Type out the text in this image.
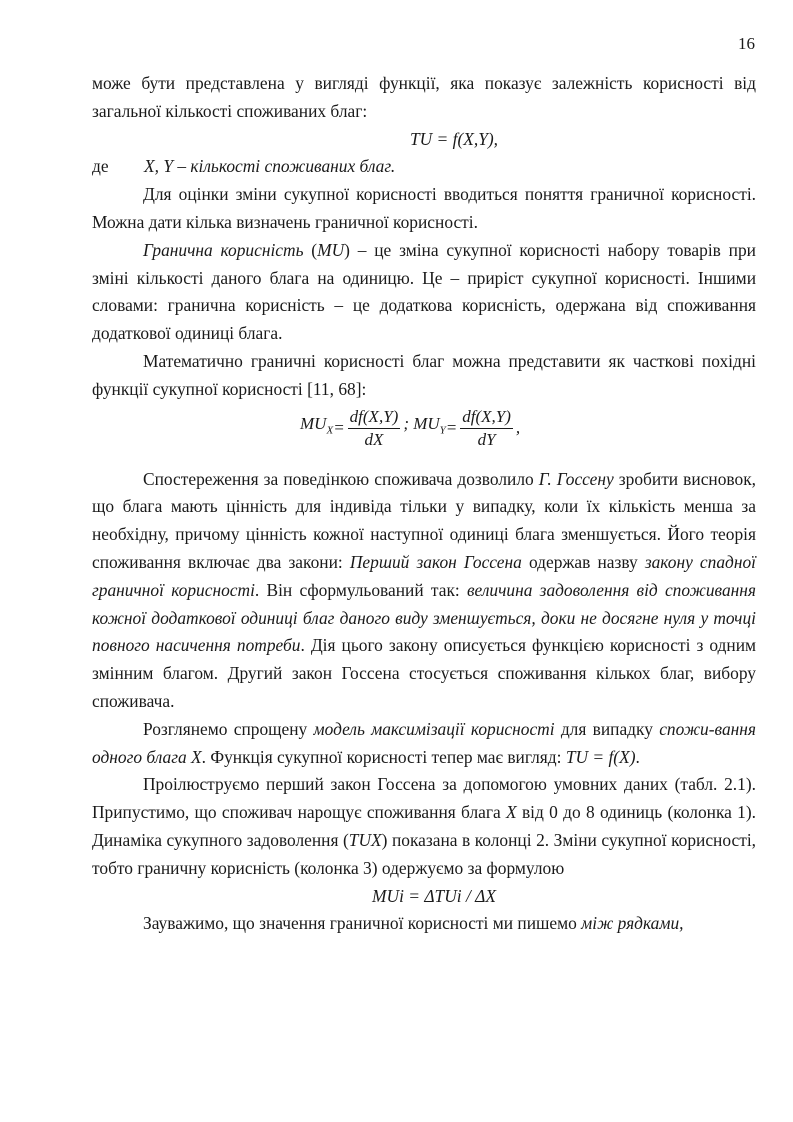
16

може бути представлена у вигляді функції, яка показує залежність корисності від загальної кількості споживаних благ:

TU = f(X,Y),

де	X, Y – кількості споживаних благ.

Для оцінки зміни сукупної корисності вводиться поняття граничної корисності. Можна дати кілька визначень граничної корисності.

Гранична корисність (MU) – це зміна сукупної корисності набору товарів при зміні кількості даного блага на одиницю. Це – приріст сукупної корисності. Іншими словами: гранична корисність – це додаткова корисність, одержана від споживання додаткової одиниці блага.

Математично граничні корисності благ можна представити як часткові похідні функції сукупної корисності [11, 68]:

$MU_X = \frac{df(X,Y)}{dX}$ ; $MU_Y = \frac{df(X,Y)}{dY}$ ,

Спостереження за поведінкою споживача дозволило Г. Госсену зробити висновок, що блага мають цінність для індивіда тільки у випадку, коли їх кількість менша за необхідну, причому цінність кожної наступної одиниці блага зменшується. Його теорія споживання включає два закони: Перший закон Госсена одержав назву закону спадної граничної корисності. Він сформульований так: величина задоволення від споживання кожної додаткової одиниці благ даного виду зменшується, доки не досягне нуля у точці повного насичення потреби. Дія цього закону описується функцією корисності з одним змінним благом. Другий закон Госсена стосується споживання кількох благ, вибору споживача.

Розглянемо спрощену модель максимізації корисності для випадку спожи-вання одного блага X. Функція сукупної корисності тепер має вигляд: TU = f(X).

Проілюструємо перший закон Госсена за допомогою умовних даних (табл. 2.1). Припустимо, що споживач нарощує споживання блага X від 0 до 8 одиниць (колонка 1). Динаміка сукупного задоволення (TUX) показана в колонці 2. Зміни сукупної корисності, тобто граничну корисність (колонка 3) одержуємо за формулою

MUi = ΔTUi / ΔX

Зауважимо, що значення граничної корисності ми пишемо між рядками,
